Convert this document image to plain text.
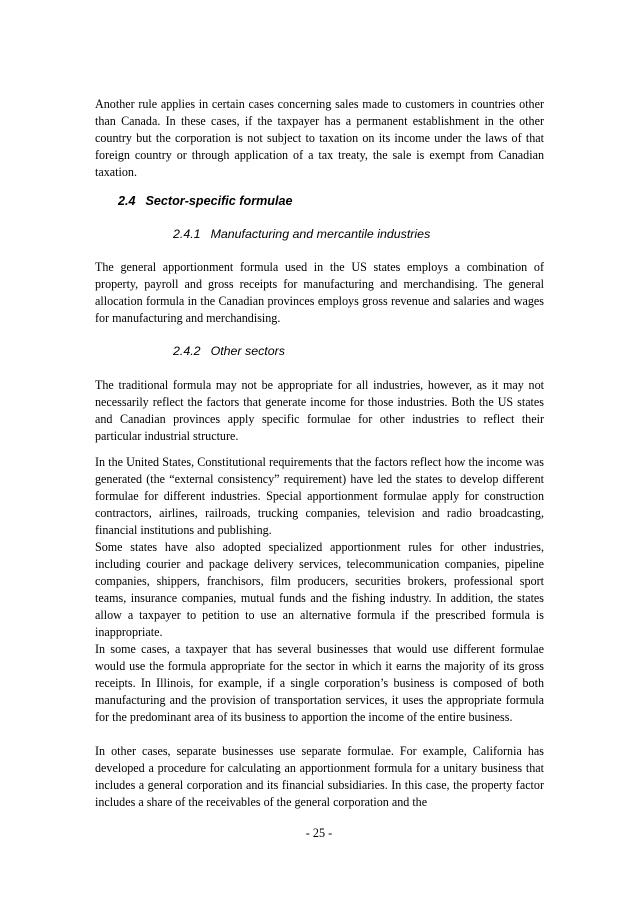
Another rule applies in certain cases concerning sales made to customers in countries other than Canada. In these cases, if the taxpayer has a permanent establishment in the other country but the corporation is not subject to taxation on its income under the laws of that foreign country or through application of a tax treaty, the sale is exempt from Canadian taxation.

2.4 Sector-specific formulae
2.4.1 Manufacturing and mercantile industries

The general apportionment formula used in the US states employs a combination of property, payroll and gross receipts for manufacturing and merchandising. The general allocation formula in the Canadian provinces employs gross revenue and salaries and wages for manufacturing and merchandising.

2.4.2 Other sectors

The traditional formula may not be appropriate for all industries, however, as it may not necessarily reflect the factors that generate income for those industries. Both the US states and Canadian provinces apply specific formulae for other industries to reflect their particular industrial structure.

In the United States, Constitutional requirements that the factors reflect how the income was generated (the “external consistency” requirement) have led the states to develop different formulae for different industries. Special apportionment formulae apply for construction contractors, airlines, railroads, trucking companies, television and radio broadcasting, financial institutions and publishing.

Some states have also adopted specialized apportionment rules for other industries, including courier and package delivery services, telecommunication companies, pipeline companies, shippers, franchisors, film producers, securities brokers, professional sport teams, insurance companies, mutual funds and the fishing industry. In addition, the states allow a taxpayer to petition to use an alternative formula if the prescribed formula is inappropriate.

In some cases, a taxpayer that has several businesses that would use different formulae would use the formula appropriate for the sector in which it earns the majority of its gross receipts. In Illinois, for example, if a single corporation’s business is composed of both manufacturing and the provision of transportation services, it uses the appropriate formula for the predominant area of its business to apportion the income of the entire business.

In other cases, separate businesses use separate formulae. For example, California has developed a procedure for calculating an apportionment formula for a unitary business that includes a general corporation and its financial subsidiaries. In this case, the property factor includes a share of the receivables of the general corporation and the

- 25 -
